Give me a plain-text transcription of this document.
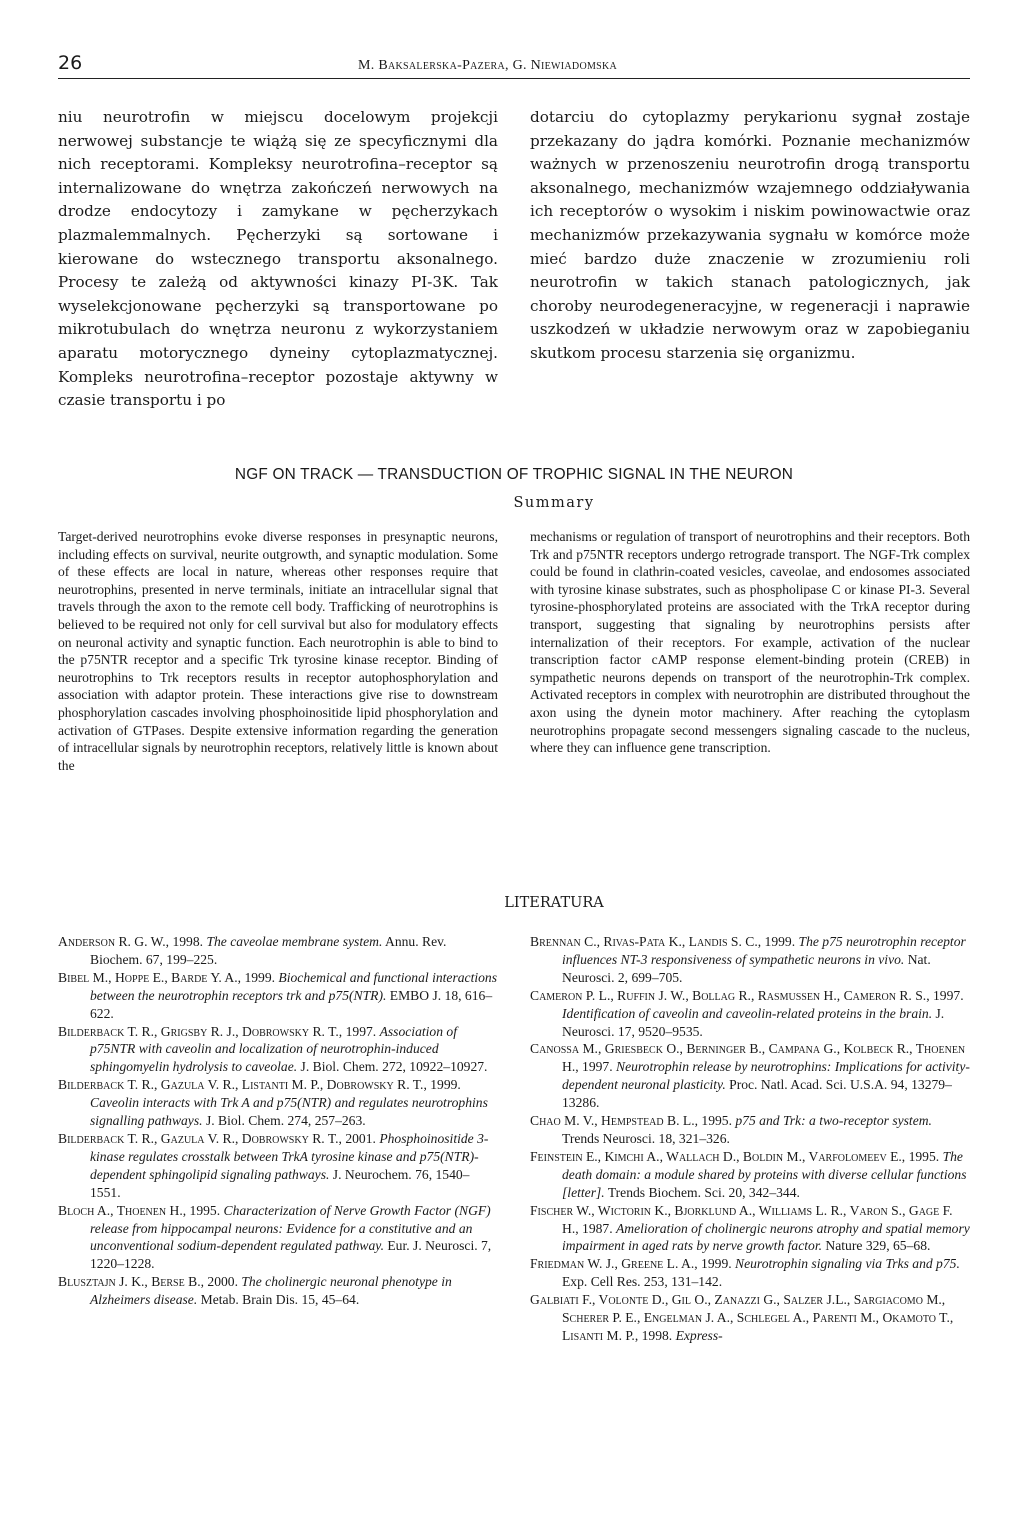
26	M. Baksalerska-Pazera, G. Niewiadomska

niu neurotrofin w miejscu docelowym projekcji nerwowej substancje te wiążą się ze specyficznymi dla nich receptorami. Kompleksy neurotrofina–receptor są internalizowane do wnętrza zakończeń nerwowych na drodze endocytozy i zamykane w pęcherzykach plazmalemmalnych. Pęcherzyki są sortowane i kierowane do wstecznego transportu aksonalnego. Procesy te zależą od aktywności kinazy PI-3K. Tak wyselekcjonowane pęcherzyki są transportowane po mikrotubulach do wnętrza neuronu z wykorzystaniem aparatu motorycznego dyneiny cytoplazmatycznej. Kompleks neurotrofina–receptor pozostaje aktywny w czasie transportu i po

dotarciu do cytoplazmy perykarionu sygnał zostaje przekazany do jądra komórki. Poznanie mechanizmów ważnych w przenoszeniu neurotrofin drogą transportu aksonalnego, mechanizmów wzajemnego oddziaływania ich receptorów o wysokim i niskim powinowactwie oraz mechanizmów przekazywania sygnału w komórce może mieć bardzo duże znaczenie w zrozumieniu roli neurotrofin w takich stanach patologicznych, jak choroby neurodegeneracyjne, w regeneracji i naprawie uszkodzeń w układzie nerwowym oraz w zapobieganiu skutkom procesu starzenia się organizmu.

NGF ON TRACK — TRANSDUCTION OF TROPHIC SIGNAL IN THE NEURON
Summary

Target-derived neurotrophins evoke diverse responses in presynaptic neurons, including effects on survival, neurite outgrowth, and synaptic modulation. Some of these effects are local in nature, whereas other responses require that neurotrophins, presented in nerve terminals, initiate an intracellular signal that travels through the axon to the remote cell body. Trafficking of neurotrophins is believed to be required not only for cell survival but also for modulatory effects on neuronal activity and synaptic function. Each neurotrophin is able to bind to the p75NTR receptor and a specific Trk tyrosine kinase receptor. Binding of neurotrophins to Trk receptors results in receptor autophosphorylation and association with adaptor protein. These interactions give rise to downstream phosphorylation cascades involving phosphoinositide lipid phosphorylation and activation of GTPases. Despite extensive information regarding the generation of intracellular signals by neurotrophin receptors, relatively little is known about the

mechanisms or regulation of transport of neurotrophins and their receptors. Both Trk and p75NTR receptors undergo retrograde transport. The NGF-Trk complex could be found in clathrin-coated vesicles, caveolae, and endosomes associated with tyrosine kinase substrates, such as phospholipase C or kinase PI-3. Several tyrosine-phosphorylated proteins are associated with the TrkA receptor during transport, suggesting that signaling by neurotrophins persists after internalization of their receptors. For example, activation of the nuclear transcription factor cAMP response element-binding protein (CREB) in sympathetic neurons depends on transport of the neurotrophin-Trk complex. Activated receptors in complex with neurotrophin are distributed throughout the axon using the dynein motor machinery. After reaching the cytoplasm neurotrophins propagate second messengers signaling cascade to the nucleus, where they can influence gene transcription.

LITERATURA

Anderson R. G. W., 1998. The caveolae membrane system. Annu. Rev. Biochem. 67, 199–225.

Bibel M., Hoppe E., Barde Y. A., 1999. Biochemical and functional interactions between the neurotrophin receptors trk and p75(NTR). EMBO J. 18, 616–622.

Bilderback T. R., Grigsby R. J., Dobrowsky R. T., 1997. Association of p75NTR with caveolin and localization of neurotrophin-induced sphingomyelin hydrolysis to caveolae. J. Biol. Chem. 272, 10922–10927.

Bilderback T. R., Gazula V. R., Listanti M. P., Dobrowsky R. T., 1999. Caveolin interacts with Trk A and p75(NTR) and regulates neurotrophins signalling pathways. J. Biol. Chem. 274, 257–263.

Bilderback T. R., Gazula V. R., Dobrowsky R. T., 2001. Phosphoinositide 3-kinase regulates crosstalk between TrkA tyrosine kinase and p75(NTR)-dependent sphingolipid signaling pathways. J. Neurochem. 76, 1540–1551.

Bloch A., Thoenen H., 1995. Characterization of Nerve Growth Factor (NGF) release from hippocampal neurons: Evidence for a constitutive and an unconventional sodium-dependent regulated pathway. Eur. J. Neurosci. 7, 1220–1228.

Blusztajn J. K., Berse B., 2000. The cholinergic neuronal phenotype in Alzheimers disease. Metab. Brain Dis. 15, 45–64.

Brennan C., Rivas-Pata K., Landis S. C., 1999. The p75 neurotrophin receptor influences NT-3 responsiveness of sympathetic neurons in vivo. Nat. Neurosci. 2, 699–705.

Cameron P. L., Ruffin J. W., Bollag R., Rasmussen H., Cameron R. S., 1997. Identification of caveolin and caveolin-related proteins in the brain. J. Neurosci. 17, 9520–9535.

Canossa M., Griesbeck O., Berninger B., Campana G., Kolbeck R., Thoenen H., 1997. Neurotrophin release by neurotrophins: Implications for activity-dependent neuronal plasticity. Proc. Natl. Acad. Sci. U.S.A. 94, 13279–13286.

Chao M. V., Hempstead B. L., 1995. p75 and Trk: a two-receptor system. Trends Neurosci. 18, 321–326.

Feinstein E., Kimchi A., Wallach D., Boldin M., Varfolomeev E., 1995. The death domain: a module shared by proteins with diverse cellular functions [letter]. Trends Biochem. Sci. 20, 342–344.

Fischer W., Wictorin K., Bjorklund A., Williams L. R., Varon S., Gage F. H., 1987. Amelioration of cholinergic neurons atrophy and spatial memory impairment in aged rats by nerve growth factor. Nature 329, 65–68.

Friedman W. J., Greene L. A., 1999. Neurotrophin signaling via Trks and p75. Exp. Cell Res. 253, 131–142.

Galbiati F., Volonte D., Gil O., Zanazzi G., Salzer J.L., Sargiacomo M., Scherer P. E., Engelman J. A., Schlegel A., Parenti M., Okamoto T., Lisanti M. P., 1998. Express-
